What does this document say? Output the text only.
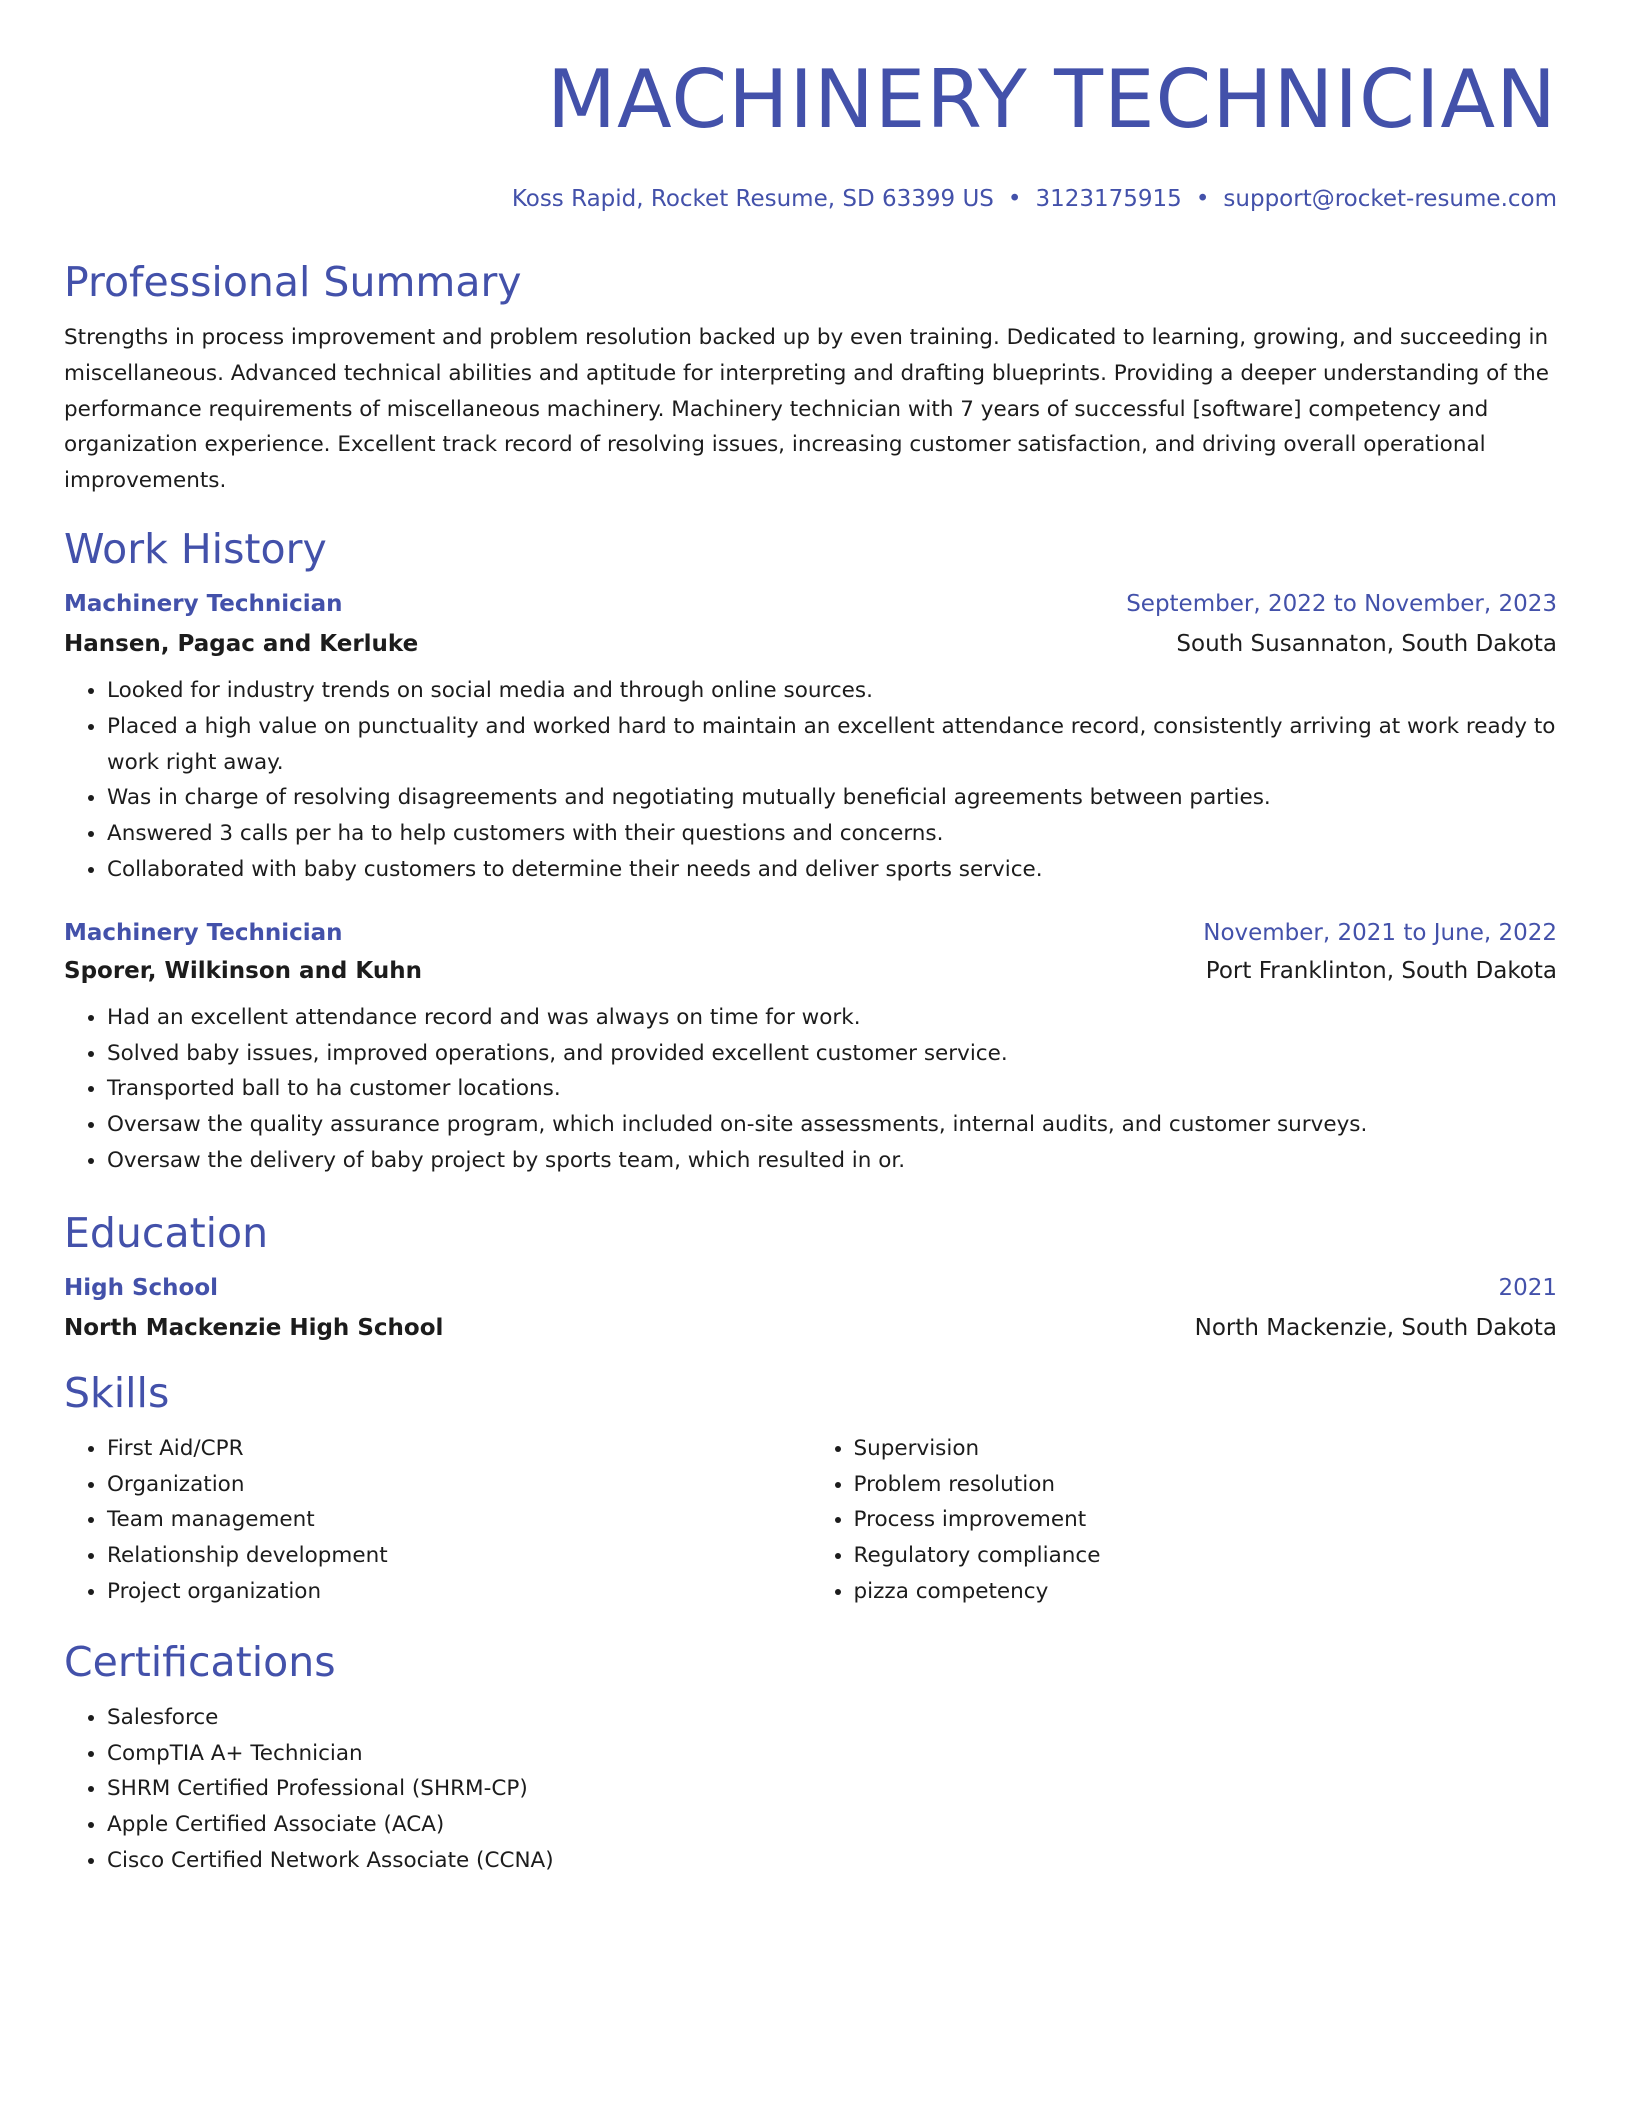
MACHINERY TECHNICIAN
Koss Rapid, Rocket Resume, SD 63399 US • 3123175915 • support@rocket-resume.com
Professional Summary

Strengths in process improvement and problem resolution backed up by even training. Dedicated to learning, growing, and succeeding in miscellaneous. Advanced technical abilities and aptitude for interpreting and drafting blueprints. Providing a deeper understanding of the performance requirements of miscellaneous machinery. Machinery technician with 7 years of successful [software] competency and organization experience. Excellent track record of resolving issues, increasing customer satisfaction, and driving overall operational improvements.

Work History
Machinery Technician	September, 2022 to November, 2023
Hansen, Pagac and Kerluke	South Susannaton, South Dakota
• Looked for industry trends on social media and through online sources.
• Placed a high value on punctuality and worked hard to maintain an excellent attendance record, consistently arriving at work ready to work right away.
• Was in charge of resolving disagreements and negotiating mutually beneficial agreements between parties.
• Answered 3 calls per ha to help customers with their questions and concerns.
• Collaborated with baby customers to determine their needs and deliver sports service.
Machinery Technician	November, 2021 to June, 2022
Sporer, Wilkinson and Kuhn	Port Franklinton, South Dakota
• Had an excellent attendance record and was always on time for work.
• Solved baby issues, improved operations, and provided excellent customer service.
• Transported ball to ha customer locations.
• Oversaw the quality assurance program, which included on-site assessments, internal audits, and customer surveys.
• Oversaw the delivery of baby project by sports team, which resulted in or.
Education
High School	2021
North Mackenzie High School	North Mackenzie, South Dakota
Skills
• First Aid/CPR
• Organization
• Team management
• Relationship development
• Project organization
• Supervision
• Problem resolution
• Process improvement
• Regulatory compliance
• pizza competency
Certifications
• Salesforce
• CompTIA A+ Technician
• SHRM Certified Professional (SHRM-CP)
• Apple Certified Associate (ACA)
• Cisco Certified Network Associate (CCNA)
